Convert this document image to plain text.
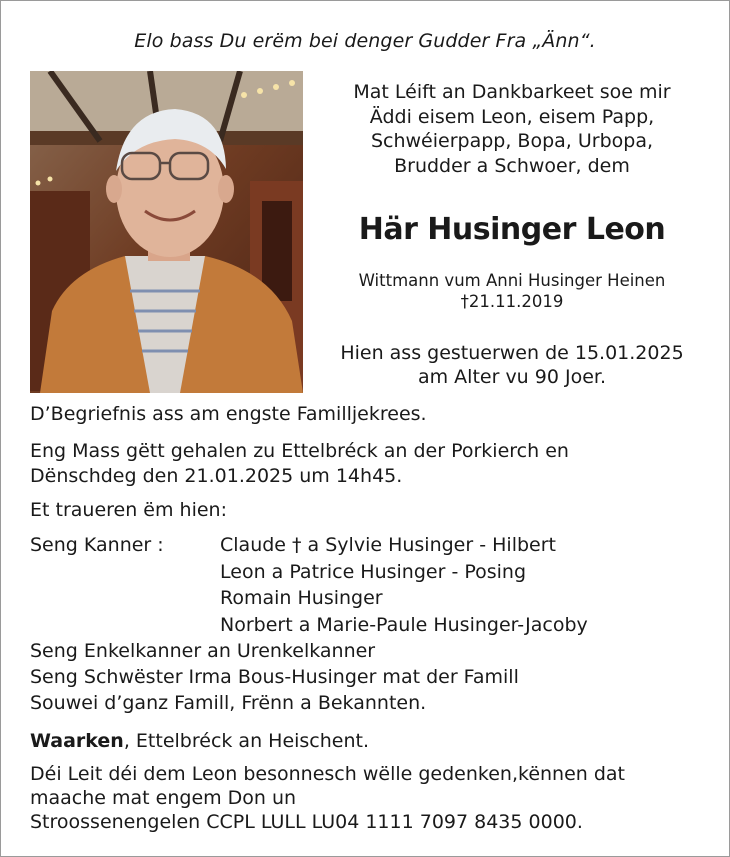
Elo bass Du erëm bei denger Gudder Fra „Änn“.
Mat Léift an Dankbarkeet soe mir
Äddi eisem Leon, eisem Papp,
Schwéierpapp, Bopa, Urbopa,
Brudder a Schwoer, dem
Här Husinger Leon
Wittmann vum Anni Husinger Heinen
†21.11.2019
Hien ass gestuerwen de 15.01.2025
am Alter vu 90 Joer.
D’Begriefnis ass am engste Familljekrees.
Eng Mass gëtt gehalen zu Ettelbréck an der Porkierch en
Dënschdeg den 21.01.2025 um 14h45.
Et traueren ëm hien:
Seng Kanner :	Claude † a Sylvie Husinger - Hilbert
Leon a Patrice Husinger - Posing
Romain Husinger
Norbert a Marie-Paule Husinger-Jacoby
Seng Enkelkanner an Urenkelkanner
Seng Schwëster Irma Bous-Husinger mat der Famill
Souwei d’ganz Famill, Frënn a Bekannten.
Waarken, Ettelbréck an Heischent.
Déi Leit déi dem Leon besonnesch wëlle gedenken,kënnen dat
maache mat engem Don un
Stroossenengelen CCPL LULL LU04 1111 7097 8435 0000.
